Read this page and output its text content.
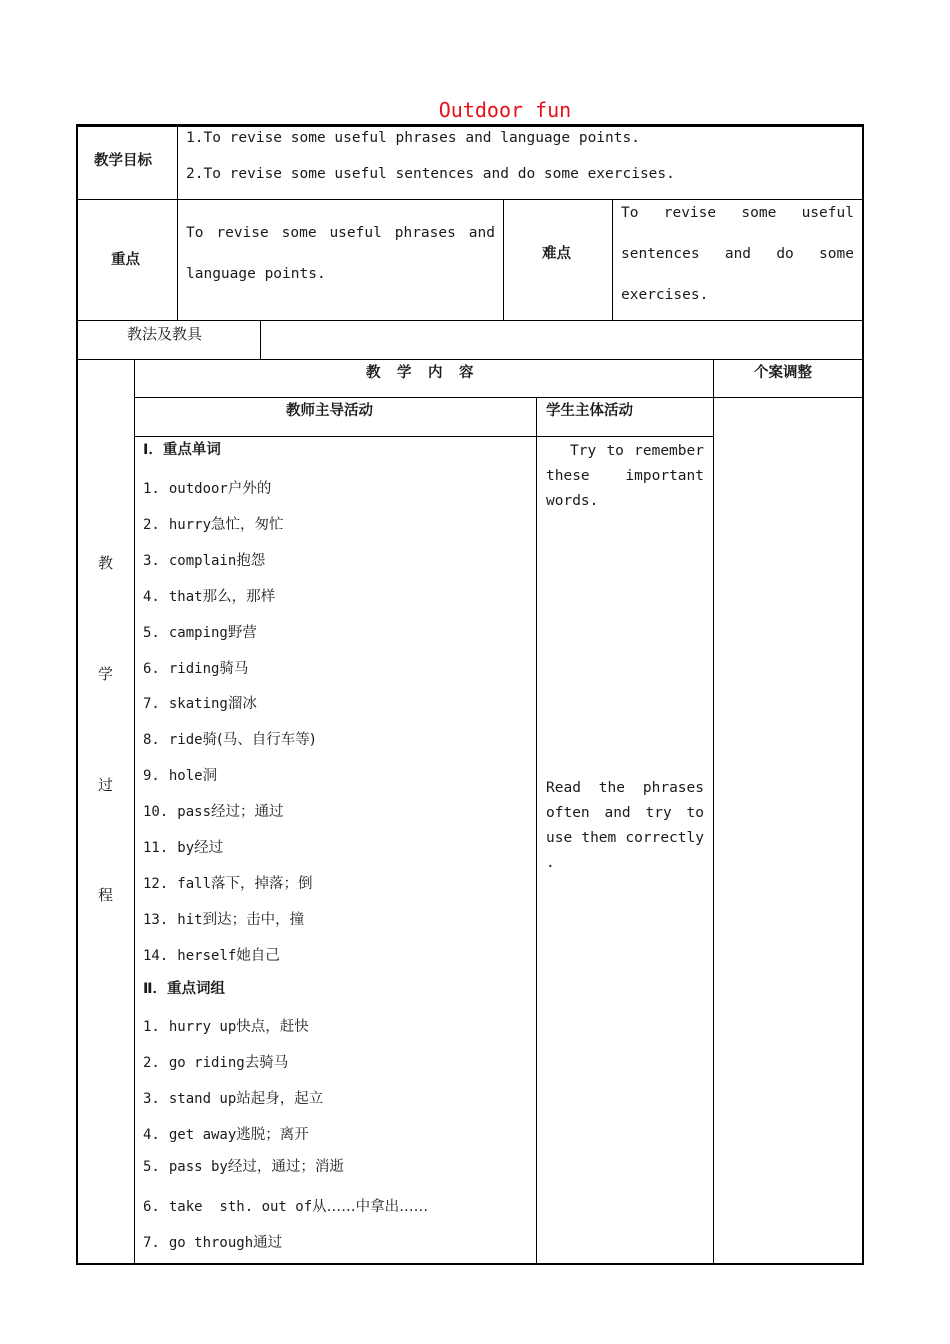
Outdoor fun
教学目标
1.To revise some useful phrases and language points.
2.To revise some useful sentences and do some exercises.
重点
To revise some useful phrases and
language points.
难点
To revise some useful
sentences and do some
exercises.
教法及教具
教　学　内　容	个案调整
教师主导活动	学生主体活动
教
学
过
程
Ⅰ．重点单词
1. outdoor户外的
2. hurry急忙，匆忙
3. complain抱怨
4. that那么，那样
5. camping野营
6. riding骑马
7. skating溜冰
8. ride骑(马、自行车等)
9. hole洞
10. pass经过；通过
11. by经过
12. fall落下，掉落；倒
13. hit到达；击中，撞
14. herself她自己
Ⅱ．重点词组
1. hurry up快点，赶快
2. go riding去骑马
3. stand up站起身，起立
4. get away逃脱；离开
5. pass by经过，通过；消逝
6. take  sth. out of从……中拿出……
7. go through通过
Try to remember
these important
words.
Read the phrases
often and try to
use them correctly
.
